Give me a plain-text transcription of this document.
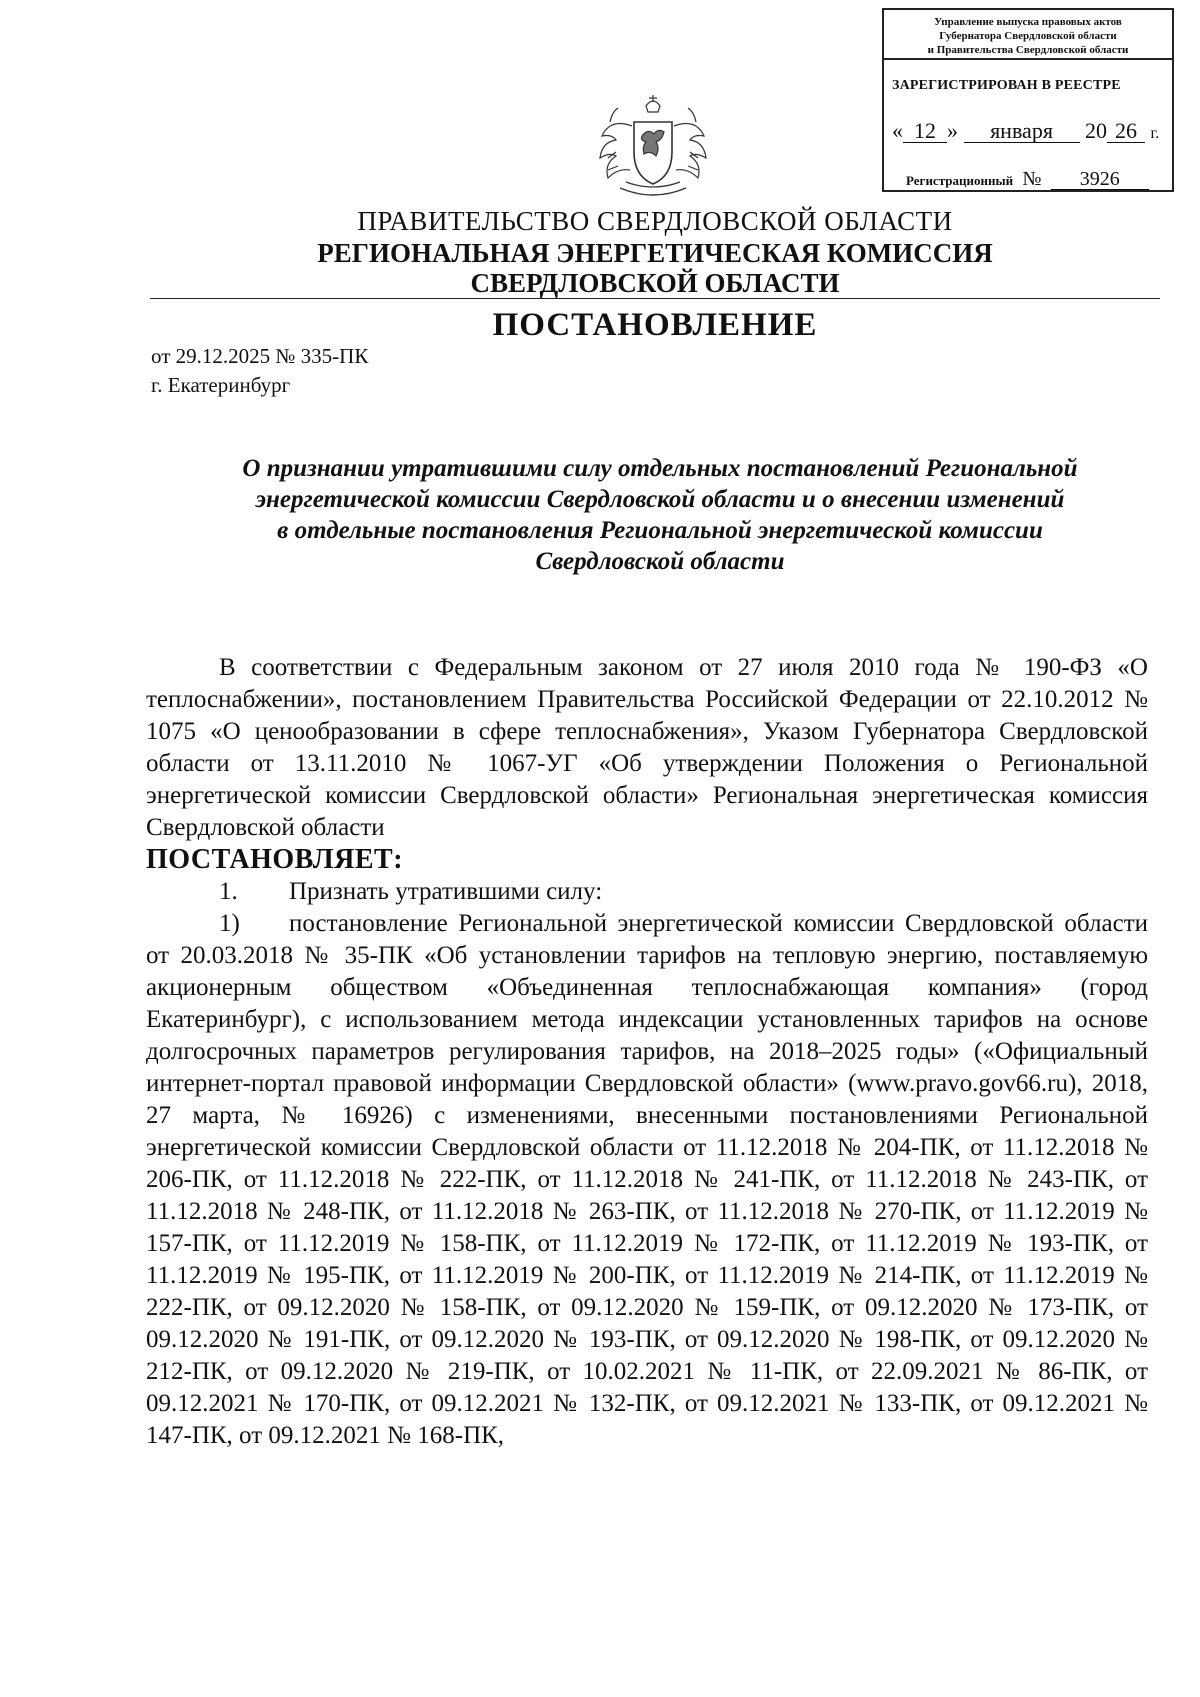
Управление выпуска правовых актов
Губернатора Свердловской области
и Правительства Свердловской области
ЗАРЕГИСТРИРОВАН В РЕЕСТРЕ
« 12 » января 20 26 г.
Регистрационный № 3926
ПРАВИТЕЛЬСТВО СВЕРДЛОВСКОЙ ОБЛАСТИ
РЕГИОНАЛЬНАЯ ЭНЕРГЕТИЧЕСКАЯ КОМИССИЯ
СВЕРДЛОВСКОЙ ОБЛАСТИ
ПОСТАНОВЛЕНИЕ
от 29.12.2025 № 335-ПК
г. Екатеринбург
О признании утратившими силу отдельных постановлений Региональной
энергетической комиссии Свердловской области и о внесении изменений
в отдельные постановления Региональной энергетической комиссии
Свердловской области

В соответствии с Федеральным законом от 27 июля 2010 года № 190-ФЗ «О теплоснабжении», постановлением Правительства Российской Федерации от 22.10.2012 № 1075 «О ценообразовании в сфере теплоснабжения», Указом Губернатора Свердловской области от 13.11.2010 № 1067-УГ «Об утверждении Положения о Региональной энергетической комиссии Свердловской области» Региональная энергетическая комиссия Свердловской области

ПОСТАНОВЛЯЕТ:

1.	Признать утратившими силу:

1) постановление Региональной энергетической комиссии Свердловской области от 20.03.2018 № 35-ПК «Об установлении тарифов на тепловую энергию, поставляемую акционерным обществом «Объединенная теплоснабжающая компания» (город Екатеринбург), с использованием метода индексации установленных тарифов на основе долгосрочных параметров регулирования тарифов, на 2018–2025 годы» («Официальный интернет-портал правовой информации Свердловской области» (www.pravo.gov66.ru), 2018, 27 марта, № 16926) с изменениями, внесенными постановлениями Региональной энергетической комиссии Свердловской области от 11.12.2018 № 204-ПК, от 11.12.2018 № 206-ПК, от 11.12.2018 № 222-ПК, от 11.12.2018 № 241-ПК, от 11.12.2018 № 243-ПК, от 11.12.2018 № 248-ПК, от 11.12.2018 № 263-ПК, от 11.12.2018 № 270-ПК, от 11.12.2019 № 157-ПК, от 11.12.2019 № 158-ПК, от 11.12.2019 № 172-ПК, от 11.12.2019 № 193-ПК, от 11.12.2019 № 195-ПК, от 11.12.2019 № 200-ПК, от 11.12.2019 № 214-ПК, от 11.12.2019 № 222-ПК, от 09.12.2020 № 158-ПК, от 09.12.2020 № 159-ПК, от 09.12.2020 № 173-ПК, от 09.12.2020 № 191-ПК, от 09.12.2020 № 193-ПК, от 09.12.2020 № 198-ПК, от 09.12.2020 № 212-ПК, от 09.12.2020 № 219-ПК, от 10.02.2021 № 11-ПК, от 22.09.2021 № 86-ПК, от 09.12.2021 № 170-ПК, от 09.12.2021 № 132-ПК, от 09.12.2021 № 133-ПК, от 09.12.2021 № 147-ПК, от 09.12.2021 № 168-ПК,
